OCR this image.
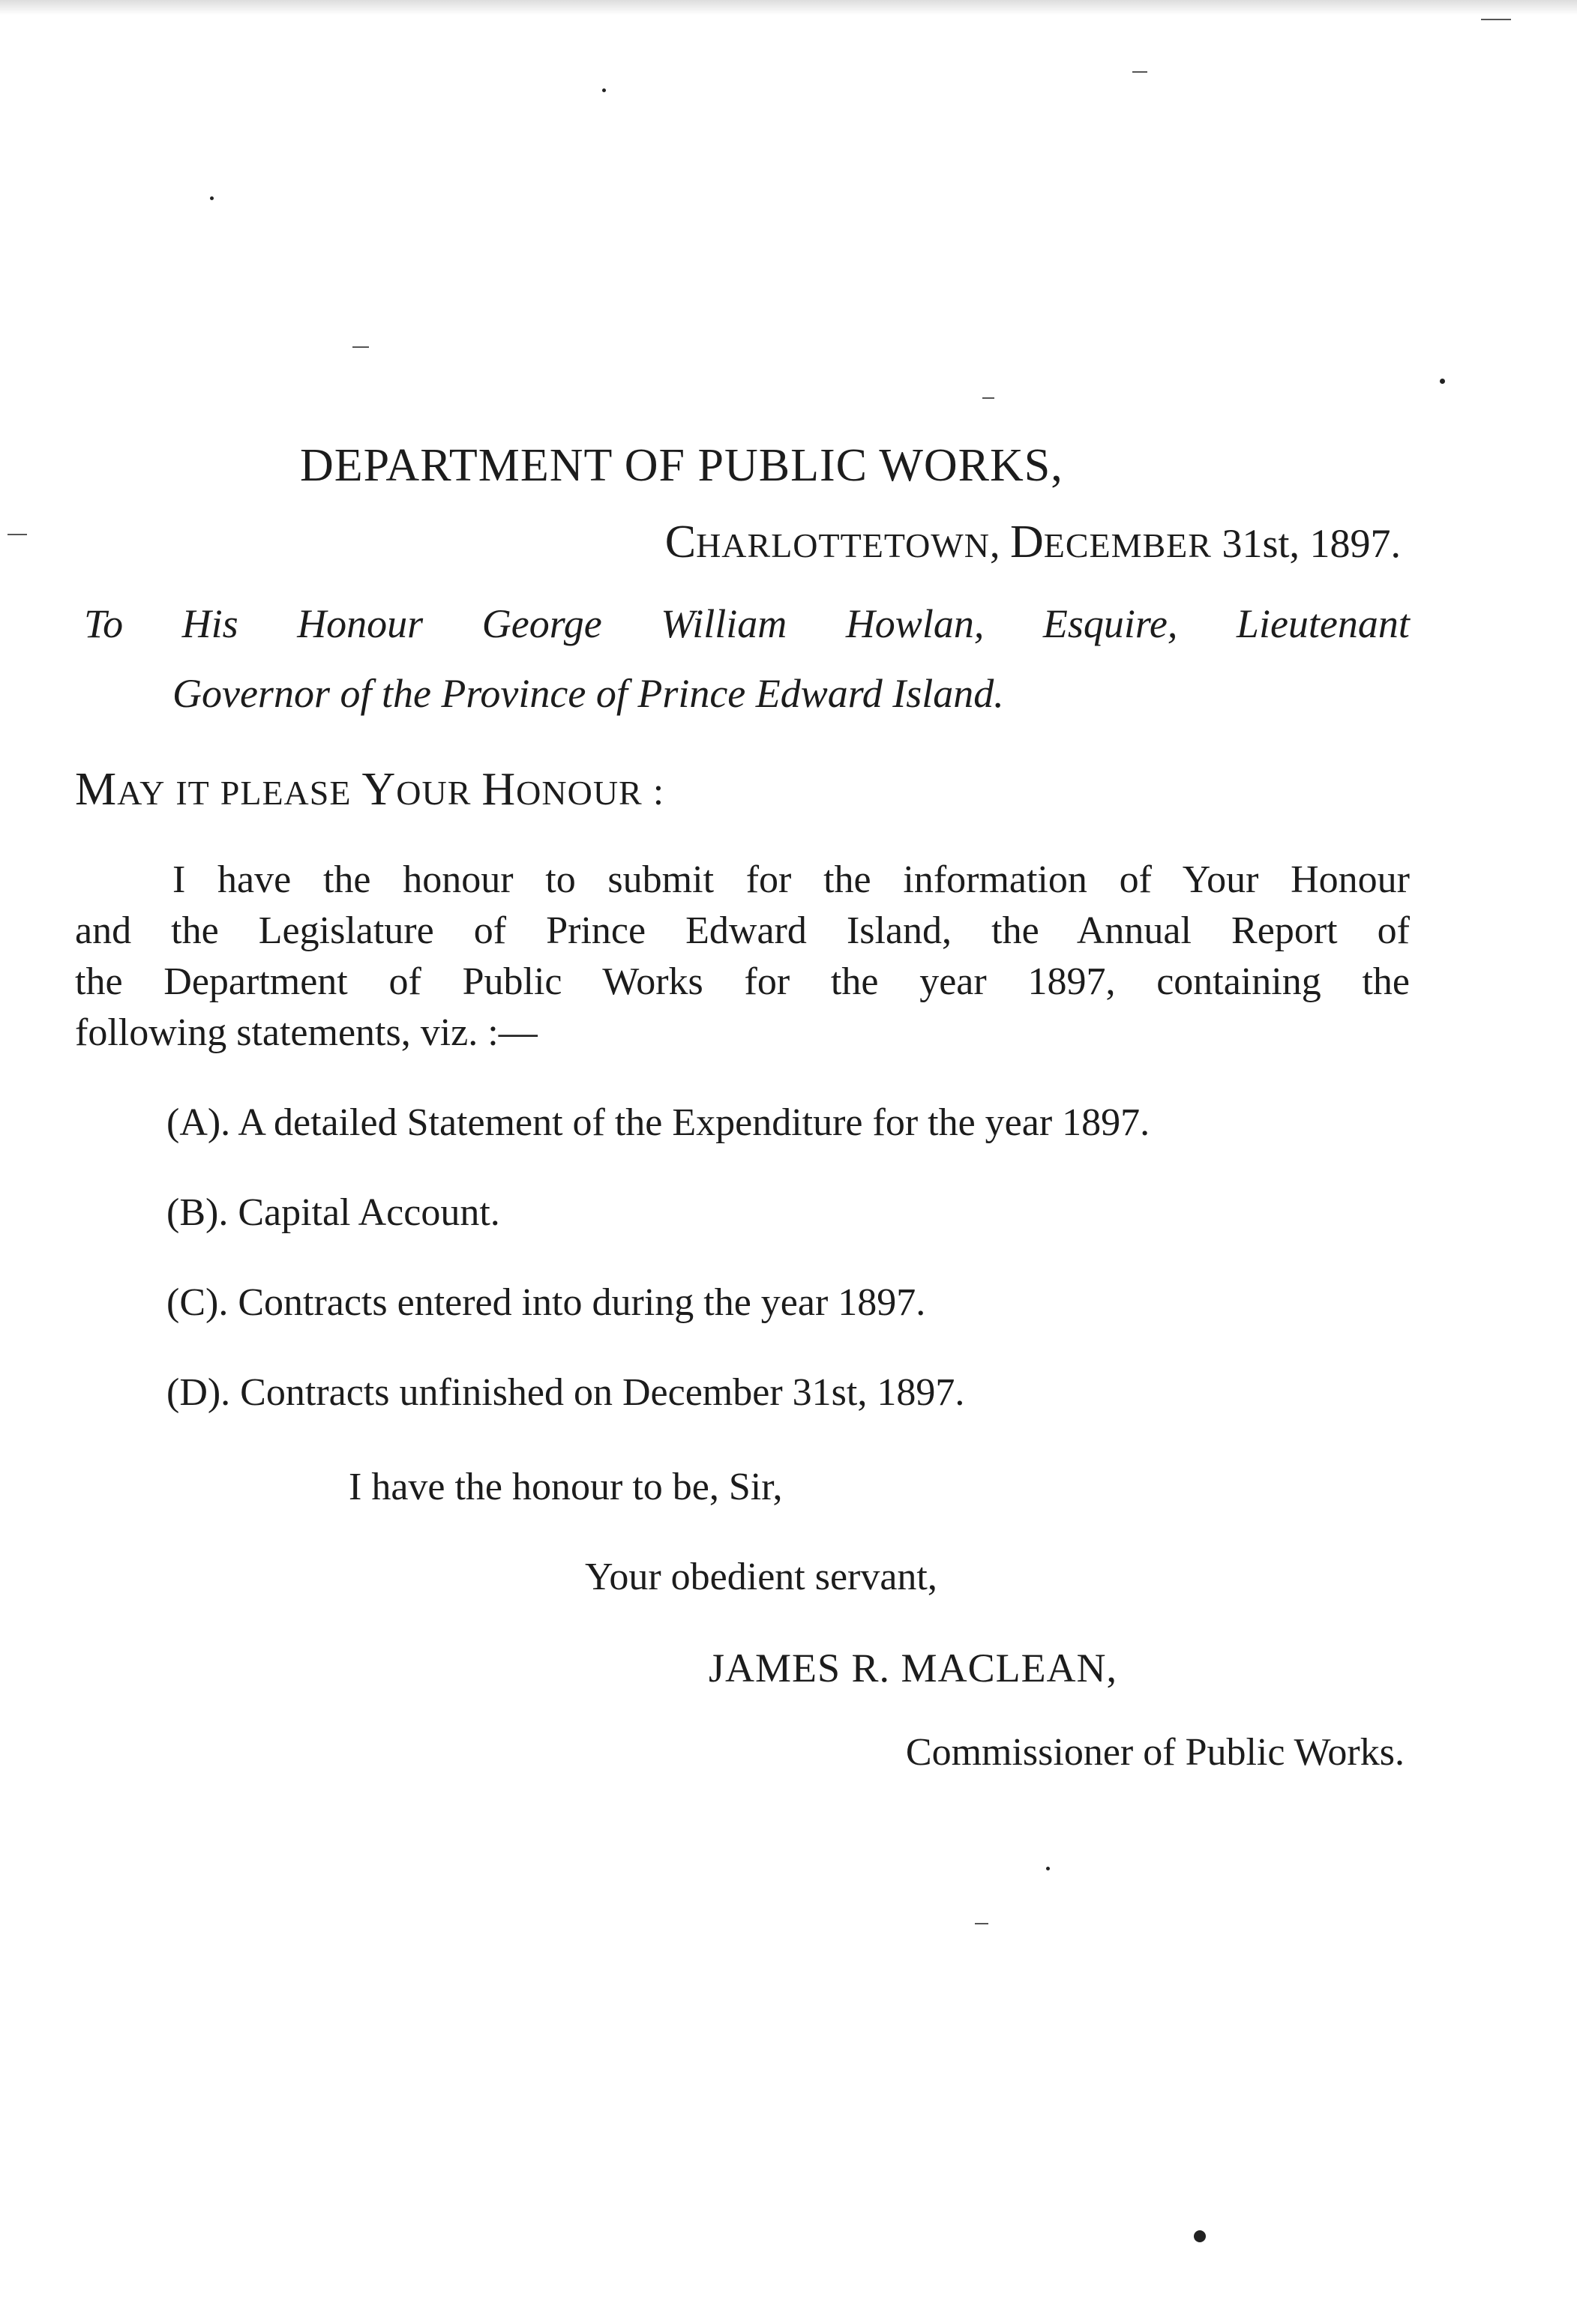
DEPARTMENT OF PUBLIC WORKS,
CHARLOTTETOWN, DECEMBER 31st, 1897.
To His Honour George William Howlan, Esquire, Lieutenant
Governor of the Province of Prince Edward Island.
MAY IT PLEASE YOUR HONOUR :
I have the honour to submit for the information of Your Honour
and the Legislature of Prince Edward Island, the Annual Report of
the Department of Public Works for the year 1897, containing the
following statements, viz. :—
(A). A detailed Statement of the Expenditure for the year 1897.
(B). Capital Account.
(C). Contracts entered into during the year 1897.
(D). Contracts unfinished on December 31st, 1897.
I have the honour to be, Sir,
Your obedient servant,
JAMES R. MACLEAN,
Commissioner of Public Works.
